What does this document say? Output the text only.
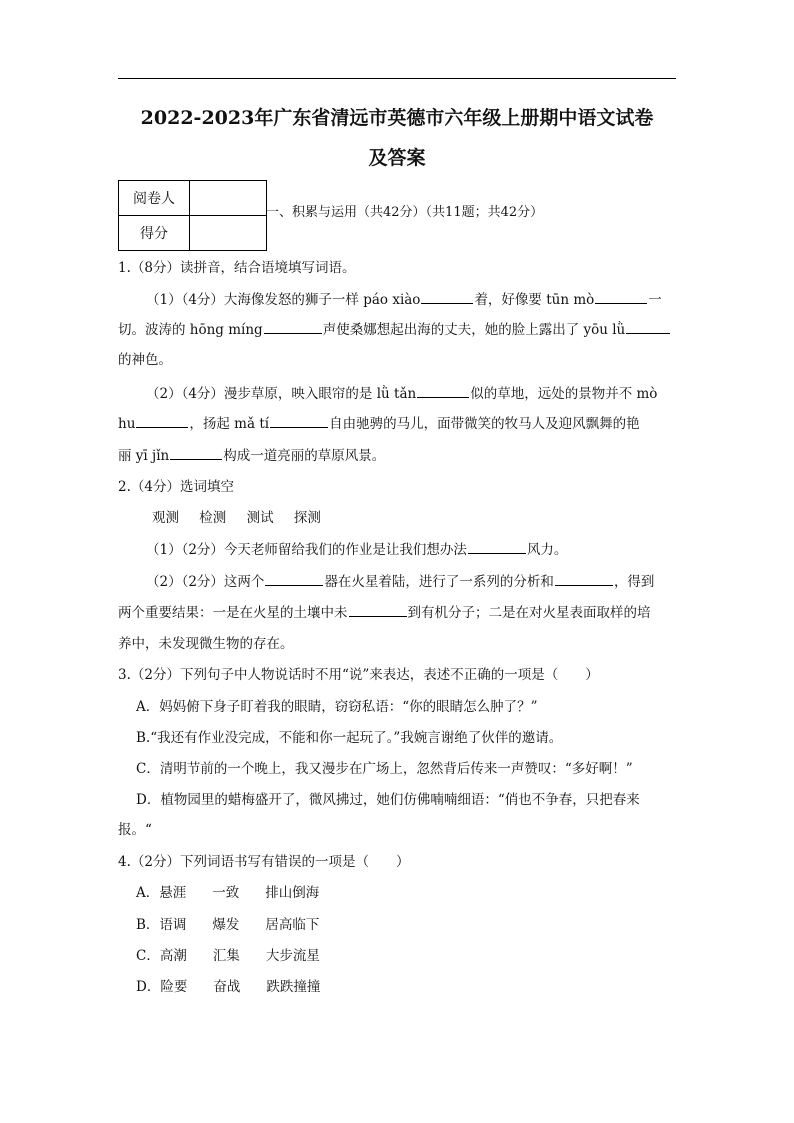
2022-2023年广东省清远市英德市六年级上册期中语文试卷
及答案
阅卷人	
得分	
一、积累与运用（共42分）（共11题；共42分）
1.（8分）读拼音，结合语境填写词语。
（1）（4分）大海像发怒的狮子一样 páo xiào	着，好像要 tūn mò	一
切。波涛的 hōng míng	声使桑娜想起出海的丈夫，她的脸上露出了 yōu lǜ
的神色。
（2）（4分）漫步草原，映入眼帘的是 lǜ tǎn	似的草地，远处的景物并不 mò
hu	，扬起 mǎ tí	自由驰骋的马儿，面带微笑的牧马人及迎风飘舞的艳
丽 yī jǐn	构成一道亮丽的草原风景。
2.（4分）选词填空
观测 检测 测试 探测
（1）（2分）今天老师留给我们的作业是让我们想办法	风力。
（2）（2分）这两个	器在火星着陆，进行了一系列的分析和	，得到
两个重要结果：一是在火星的土壤中未	到有机分子；二是在对火星表面取样的培
养中，未发现微生物的存在。
3.（2分）下列句子中人物说话时不用“说”来表达，表述不正确的一项是（　　）
A．妈妈俯下身子盯着我的眼睛，窃窃私语：“你的眼睛怎么肿了？”
B.“我还有作业没完成，不能和你一起玩了。”我婉言谢绝了伙伴的邀请。
C．清明节前的一个晚上，我又漫步在广场上，忽然背后传来一声赞叹：“多好啊！”
D．植物园里的蜡梅盛开了，微风拂过，她们仿佛喃喃细语：“俏也不争春，只把春来
报。“
4.（2分）下列词语书写有错误的一项是（　　）
A．悬涯 一致 排山倒海
B．语调 爆发 居高临下
C．高潮 汇集 大步流星
D．险要 奋战 跌跌撞撞
